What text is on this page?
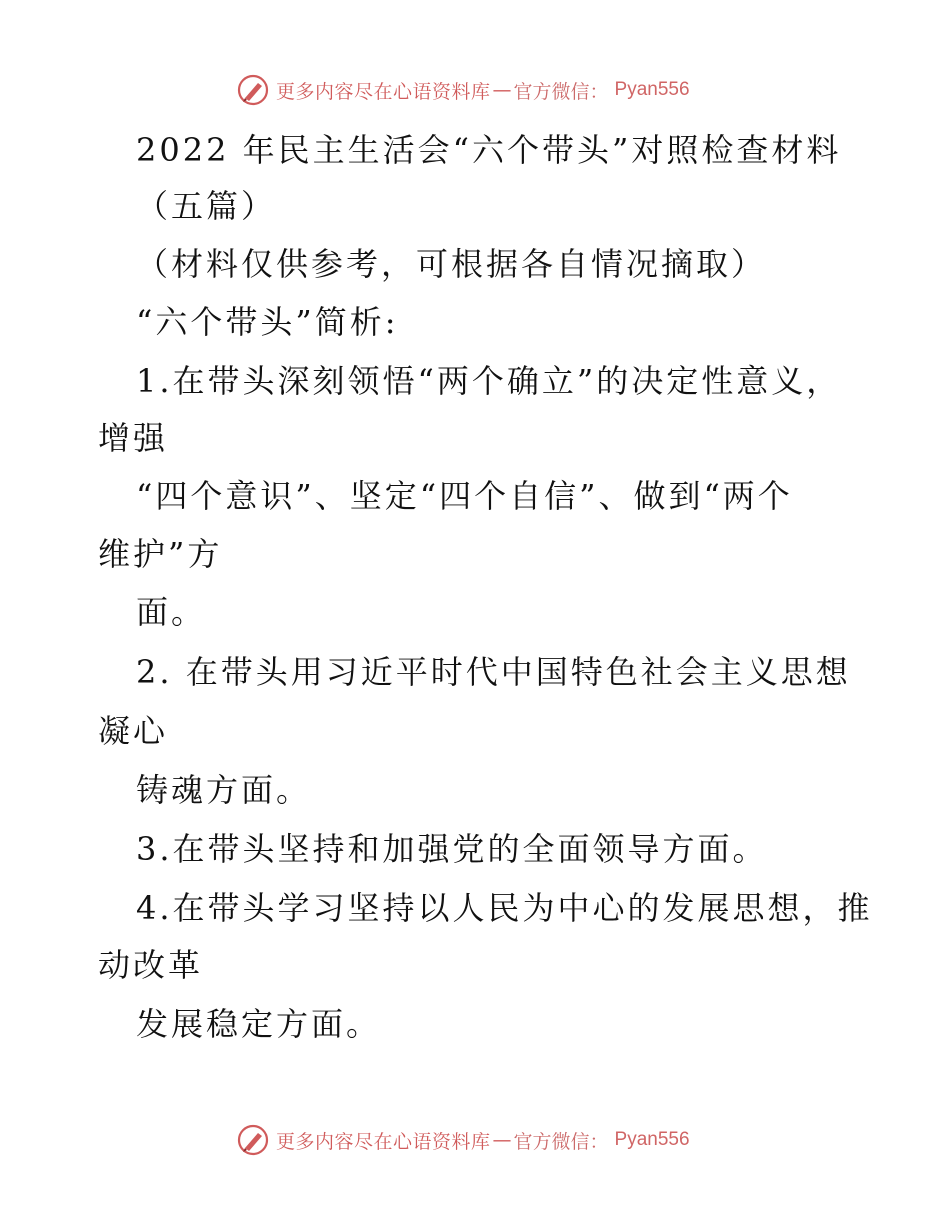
更多内容尽在心语资料库 — 官方微信： Pyan556
2022 年民主生活会“六个带头”对照检查材料
（五篇）
（材料仅供参考，可根据各自情况摘取）
“六个带头”简析:
1.在带头深刻领悟“两个确立”的决定性意义，
增强
“四个意识”、坚定“四个自信”、做到“两个
维护”方
面。
2. 在带头用习近平时代中国特色社会主义思想
凝心
铸魂方面。
3.在带头坚持和加强党的全面领导方面。
4.在带头学习坚持以人民为中心的发展思想，推
动改革
发展稳定方面。
更多内容尽在心语资料库 — 官方微信： Pyan556
